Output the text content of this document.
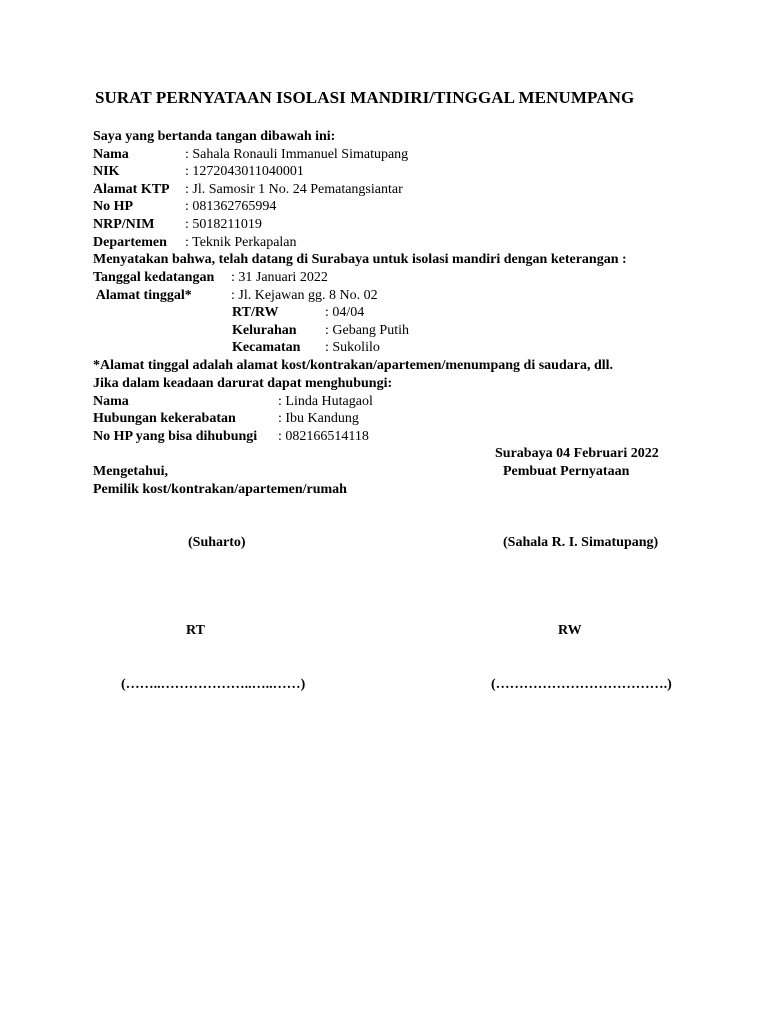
SURAT PERNYATAAN ISOLASI MANDIRI/TINGGAL MENUMPANG
Saya yang bertanda tangan dibawah ini:
Nama	: Sahala Ronauli Immanuel Simatupang
NIK	: 1272043011040001
Alamat KTP : Jl. Samosir 1 No. 24 Pematangsiantar
No HP	: 081362765994
NRP/NIM : 5018211019
Departemen : Teknik Perkapalan
Menyatakan bahwa, telah datang di Surabaya untuk isolasi mandiri dengan keterangan :
Tanggal kedatangan : 31 Januari 2022
Alamat tinggal*	: Jl. Kejawan gg. 8 No. 02
RT/RW	: 04/04
Kelurahan : Gebang Putih
Kecamatan : Sukolilo
*Alamat tinggal adalah alamat kost/kontrakan/apartemen/menumpang di saudara, dll.
Jika dalam keadaan darurat dapat menghubungi:
Nama	: Linda Hutagaol
Hubungan kekerabatan	: Ibu Kandung
No HP yang bisa dihubungi : 082166514118
Surabaya 04 Februari 2022
Mengetahui,	Pembuat Pernyataan
Pemilik kost/kontrakan/apartemen/rumah
(Suharto)	(Sahala R. I. Simatupang)
RT	RW
(……..………………..…..……)	(……………………………….)
